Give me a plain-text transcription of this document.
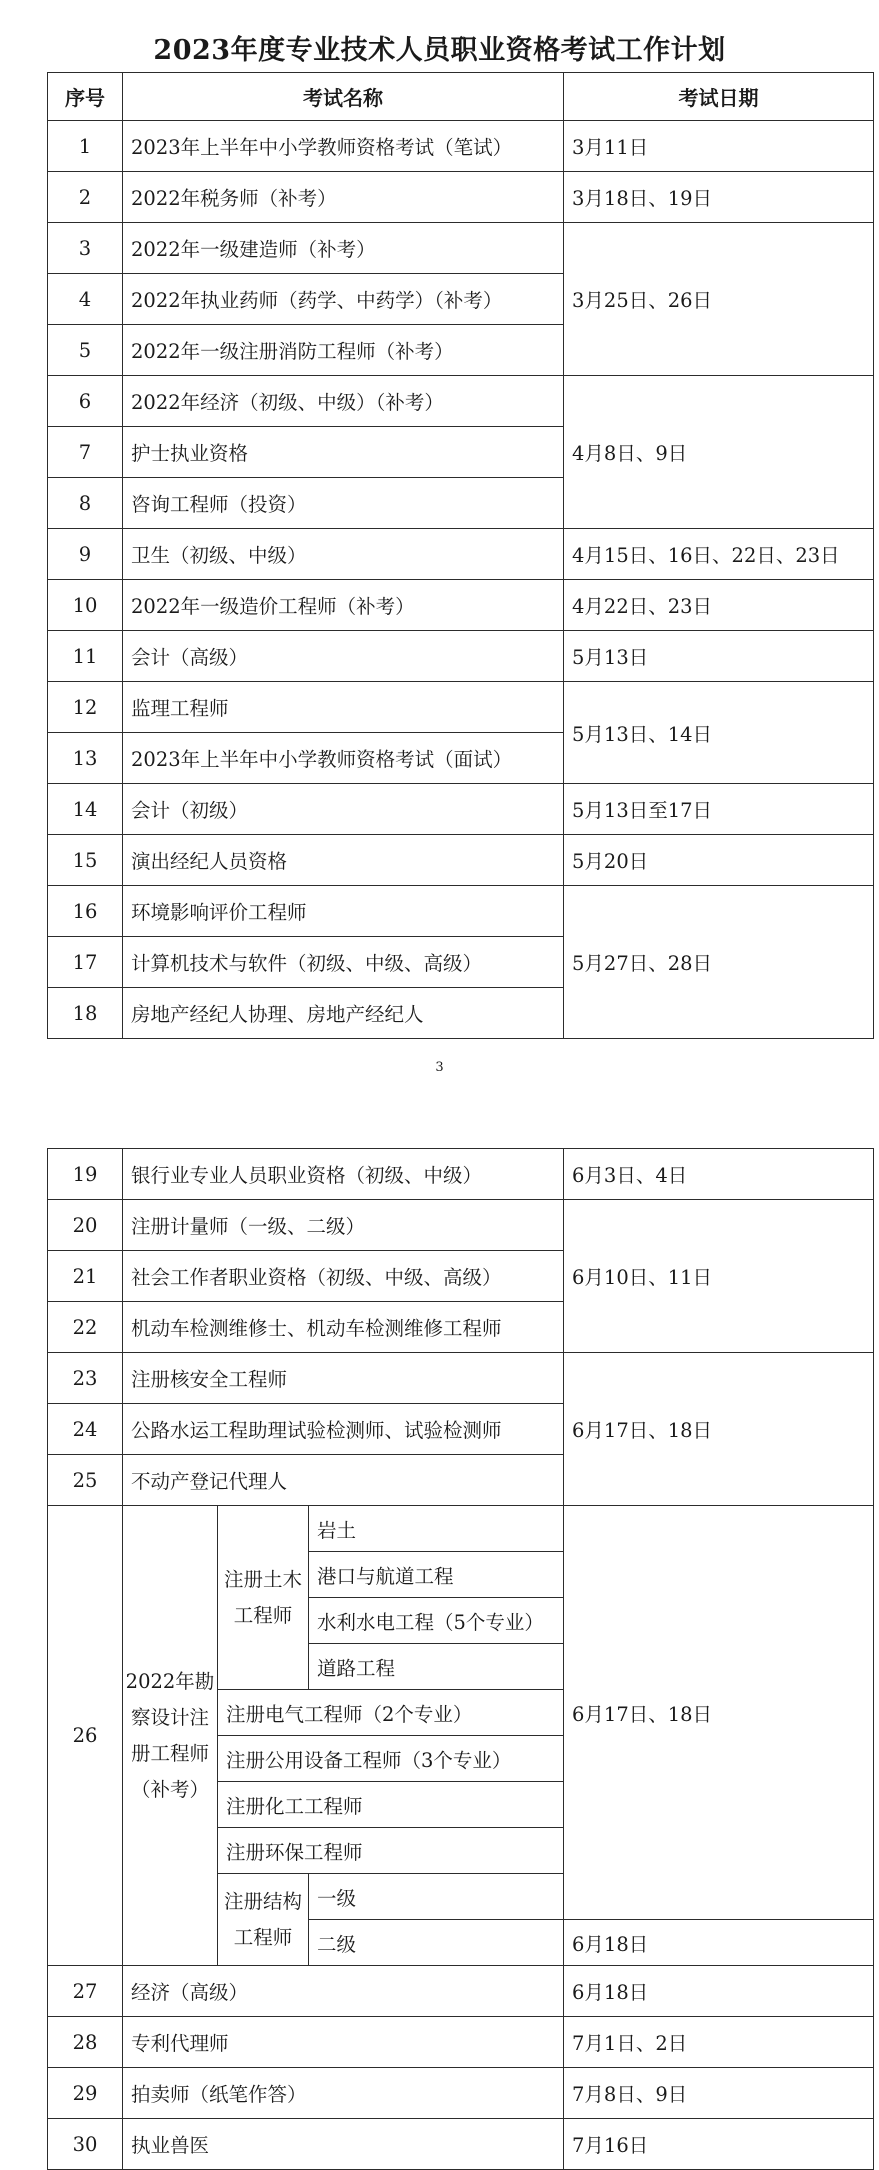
2023年度专业技术人员职业资格考试工作计划
序号	考试名称	考试日期
1	2023年上半年中小学教师资格考试（笔试）	3月11日
2	2022年税务师（补考）	3月18日、19日
3	2022年一级建造师（补考）	3月25日、26日
4	2022年执业药师（药学、中药学）（补考）	
5	2022年一级注册消防工程师（补考）	
6	2022年经济（初级、中级）（补考）	4月8日、9日
7	护士执业资格	
8	咨询工程师（投资）	
9	卫生（初级、中级）	4月15日、16日、22日、23日
10	2022年一级造价工程师（补考）	4月22日、23日
11	会计（高级）	5月13日
12	监理工程师	5月13日、14日
13	2023年上半年中小学教师资格考试（面试）	
14	会计（初级）	5月13日至17日
15	演出经纪人员资格	5月20日
16	环境影响评价工程师	5月27日、28日
17	计算机技术与软件（初级、中级、高级）	
18	房地产经纪人协理、房地产经纪人	
3
19	银行业专业人员职业资格（初级、中级）			6月3日、4日
20	注册计量师（一级、二级）			6月10日、11日
21	社会工作者职业资格（初级、中级、高级）			
22	机动车检测维修士、机动车检测维修工程师			
23	注册核安全工程师			6月17日、18日
24	公路水运工程助理试验检测师、试验检测师			
25	不动产登记代理人			
26	2022年勘察设计注册工程师（补考）	注册土木工程师	岩土	6月17日、18日
			港口与航道工程	
			水利水电工程（5个专业）	
			道路工程	
		注册电气工程师（2个专业）		
		注册公用设备工程师（3个专业）		
		注册化工工程师		
		注册环保工程师		
		注册结构工程师	一级	
			二级	6月18日
27	经济（高级）			6月18日
28	专利代理师			7月1日、2日
29	拍卖师（纸笔作答）			7月8日、9日
30	执业兽医			7月16日
